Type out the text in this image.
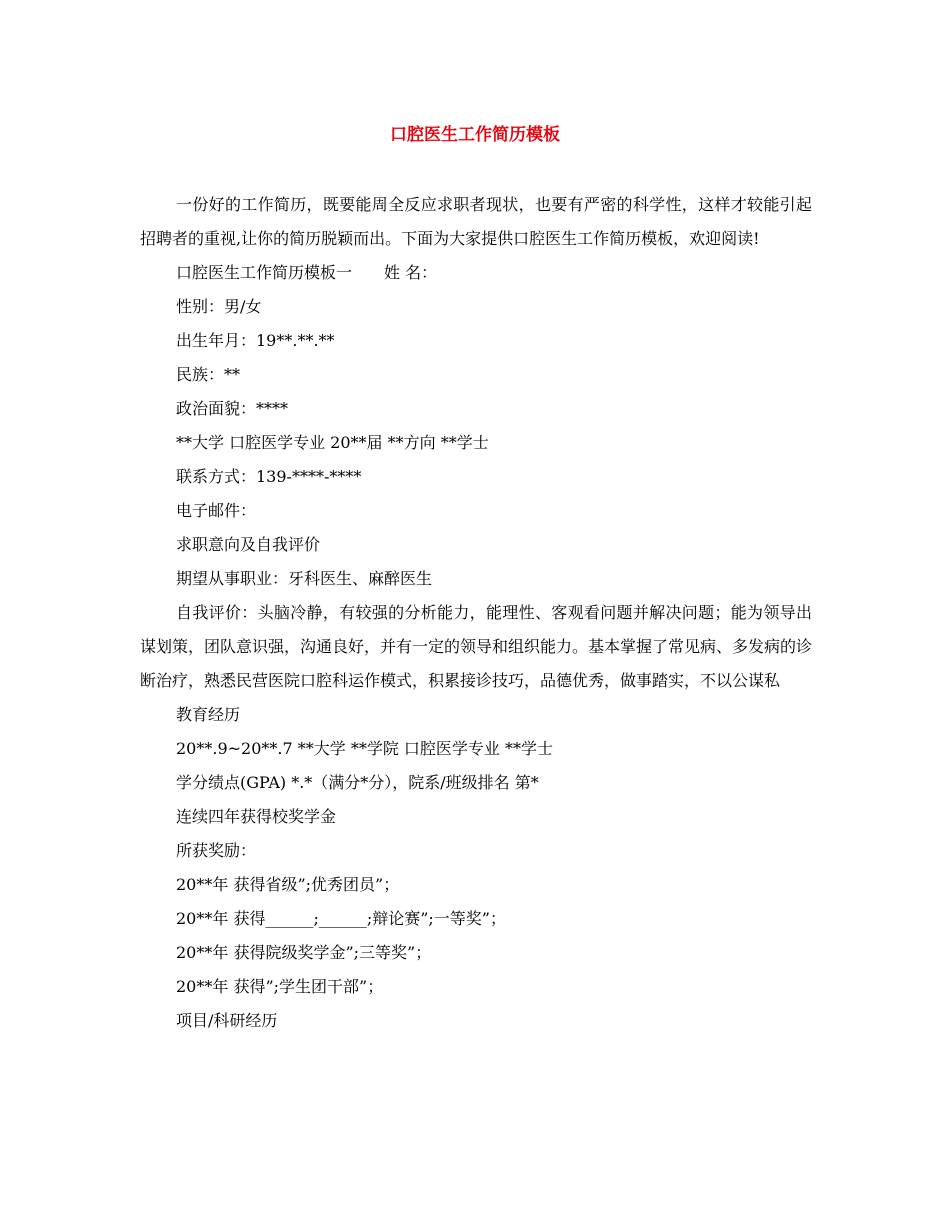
口腔医生工作简历模板

一份好的工作简历，既要能周全反应求职者现状，也要有严密的科学性，这样才较能引起招聘者的重视,让你的简历脱颖而出。下面为大家提供口腔医生工作简历模板，欢迎阅读!

口腔医生工作简历模板一　　姓 名：

性别：男/女

出生年月：19**.**.**

民族：**

政治面貌：****

**大学 口腔医学专业 20**届 **方向 **学士

联系方式：139-****-****

电子邮件：

求职意向及自我评价

期望从事职业：牙科医生、麻醉医生

自我评价：头脑冷静，有较强的分析能力，能理性、客观看问题并解决问题；能为领导出谋划策，团队意识强，沟通良好，并有一定的领导和组织能力。基本掌握了常见病、多发病的诊断治疗，熟悉民营医院口腔科运作模式，积累接诊技巧，品德优秀，做事踏实，不以公谋私

教育经历

20**.9~20**.7 **大学 **学院 口腔医学专业 **学士

学分绩点(GPA) *.*（满分*分），院系/班级排名 第*

连续四年获得校奖学金

所获奖励：

20**年 获得省级”;优秀团员”；

20**年 获得______;______;辩论赛”;一等奖”；

20**年 获得院级奖学金”;三等奖”；

20**年 获得”;学生团干部”；

项目/科研经历
